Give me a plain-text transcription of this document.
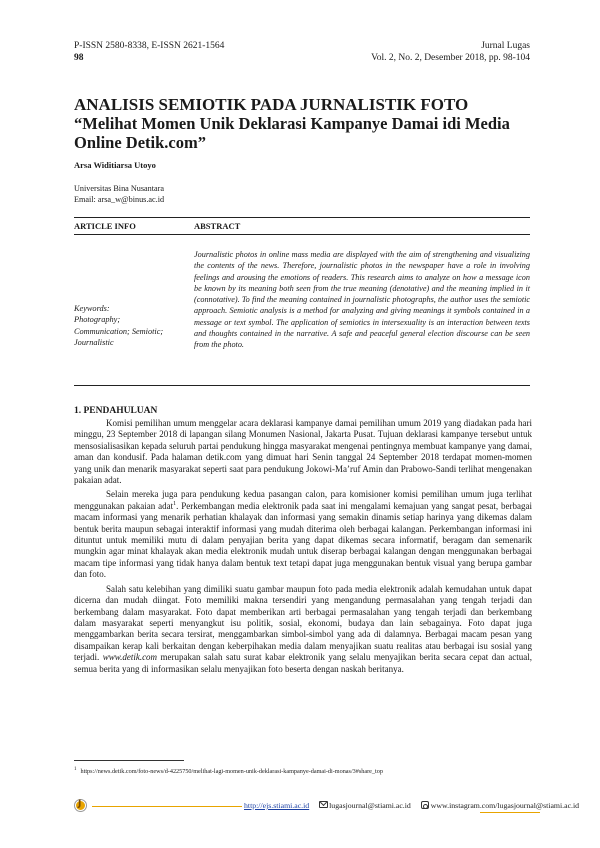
P-ISSN 2580-8338, E-ISSN 2621-1564	Jurnal Lugas
98	Vol. 2, No. 2, Desember 2018, pp. 98-104
ANALISIS SEMIOTIK PADA JURNALISTIK FOTO
“Melihat Momen Unik Deklarasi Kampanye Damai idi Media Online Detik.com”
Arsa Widitiarsa Utoyo
Universitas Bina Nusantara
Email: arsa_w@binus.ac.id
ARTICLE INFO	ABSTRACT
Keywords:
Photography;
Communication; Semiotic;
Journalistic
Journalistic photos in online mass media are displayed with the aim of strengthening and visualizing the contents of the news. Therefore, journalistic photos in the newspaper have a role in involving feelings and arousing the emotions of readers. This research aims to analyze on how a message icon be known by its meaning both seen from the true meaning (denotative) and the meaning implied in it (connotative). To find the meaning contained in journalistic photographs, the author uses the semiotic approach. Semiotic analysis is a method for analyzing and giving meanings it symbols contained in a message or text symbol. The application of semiotics in intersexuality is an interaction between texts and thoughts contained in the narrative. A safe and peaceful general election discourse can be seen from the photo.
1. PENDAHULUAN

Komisi pemilihan umum menggelar acara deklarasi kampanye damai pemilihan umum 2019 yang diadakan pada hari minggu, 23 September 2018 di lapangan silang Monumen Nasional, Jakarta Pusat. Tujuan deklarasi kampanye tersebut untuk mensosialisasikan kepada seluruh partai pendukung hingga masyarakat mengenai pentingnya membuat kampanye yang damai, aman dan kondusif. Pada halaman detik.com yang dimuat hari Senin tanggal 24 September 2018 terdapat momen-momen yang unik dan menarik masyarakat seperti saat para pendukung Jokowi-Ma’ruf Amin dan Prabowo-Sandi terlihat mengenakan pakaian adat.

Selain mereka juga para pendukung kedua pasangan calon, para komisioner komisi pemilihan umum juga terlihat menggunakan pakaian adat$^1$. Perkembangan media elektronik pada saat ini mengalami kemajuan yang sangat pesat, berbagai macam informasi yang menarik perhatian khalayak dan informasi yang semakin dinamis setiap harinya yang dikemas dalam bentuk berita maupun sebagai interaktif informasi yang mudah diterima oleh berbagai kalangan. Perkembangan informasi ini dituntut untuk memiliki mutu di dalam penyajian berita yang dapat dikemas secara informatif, beragam dan semenarik mungkin agar minat khalayak akan media elektronik mudah untuk diserap berbagai kalangan dengan menggunakan berbagai macam tipe informasi yang tidak hanya dalam bentuk text tetapi dapat juga menggunakan bentuk visual yang berupa gambar dan foto.

Salah satu kelebihan yang dimiliki suatu gambar maupun foto pada media elektronik adalah kemudahan untuk dapat dicerna dan mudah diingat. Foto memiliki makna tersendiri yang mengandung permasalahan yang tengah terjadi dan berkembang dalam masyarakat. Foto dapat memberikan arti berbagai permasalahan yang tengah terjadi dan berkembang dalam masyarakat seperti menyangkut isu politik, sosial, ekonomi, budaya dan lain sebagainya. Foto dapat juga menggambarkan berita secara tersirat, menggambarkan simbol-simbol yang ada di dalamnya. Berbagai macam pesan yang disampaikan kerap kali berkaitan dengan keberpihakan media dalam menyajikan suatu realitas atau berbagai isu sosial yang terjadi. www.detik.com merupakan salah satu surat kabar elektronik yang selalu menyajikan berita secara cepat dan actual, semua berita yang di informasikan selalu menyajikan foto beserta dengan naskah beritanya.

$^1$ https://news.detik.com/foto-news/d-4225750/melihat-lagi-momen-unik-deklarasi-kampanye-damai-di-monas/3#share_top
J
http://ejs.stiami.ac.id	lugasjournal@stiami.ac.id	www.instagram.com/lugasjournal@stiami.ac.id
